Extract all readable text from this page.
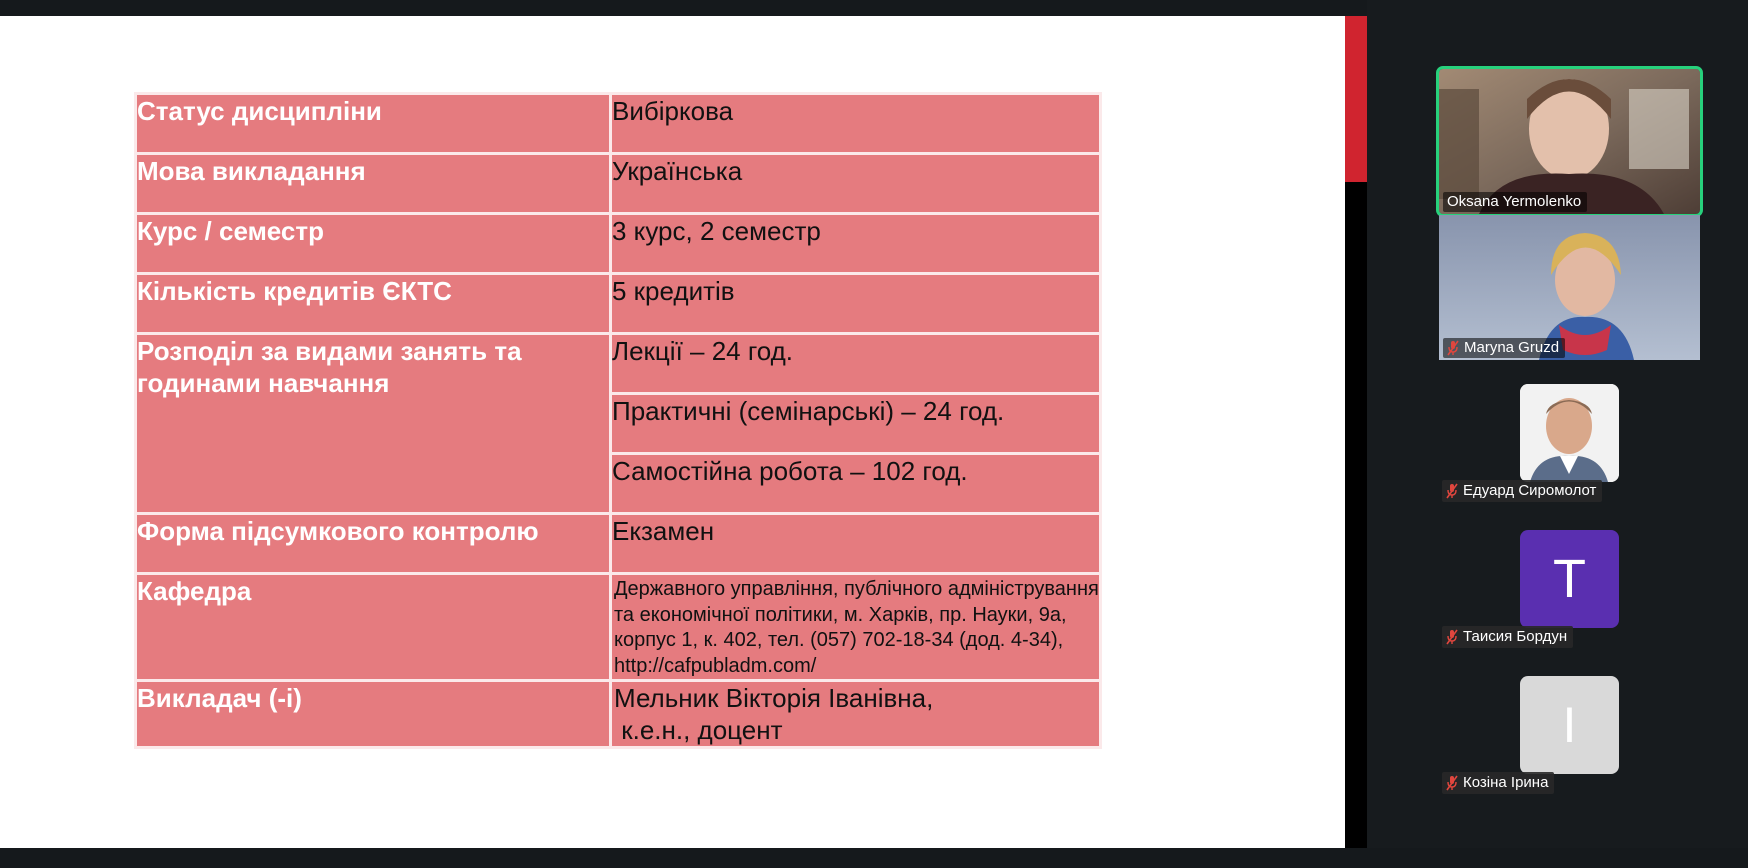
Статус дисципліни	Вибіркова
Мова викладання	Українська
Курс / семестр	3 курс, 2 семестр
Кількість кредитів ЄКТС	5 кредитів
Розподіл за видами занять та годинами навчання	Лекції – 24 год.
	Практичні (семінарські) – 24 год.
	Самостійна робота – 102 год.
Форма підсумкового контролю	Екзамен
Кафедра	Державного управління, публічного адміністрування та економічної політики, м. Харків, пр. Науки, 9а, корпус 1, к. 402, тел. (057) 702-18-34 (дод. 4-34), http://cafpubladm.com/
Викладач (-і)	Мельник Вікторія Іванівна,
к.е.н., доцент
Oksana Yermolenko
Maryna Gruzd
Едуард Сиромолот
T
Таисия Бордун
I
Козіна Ірина
